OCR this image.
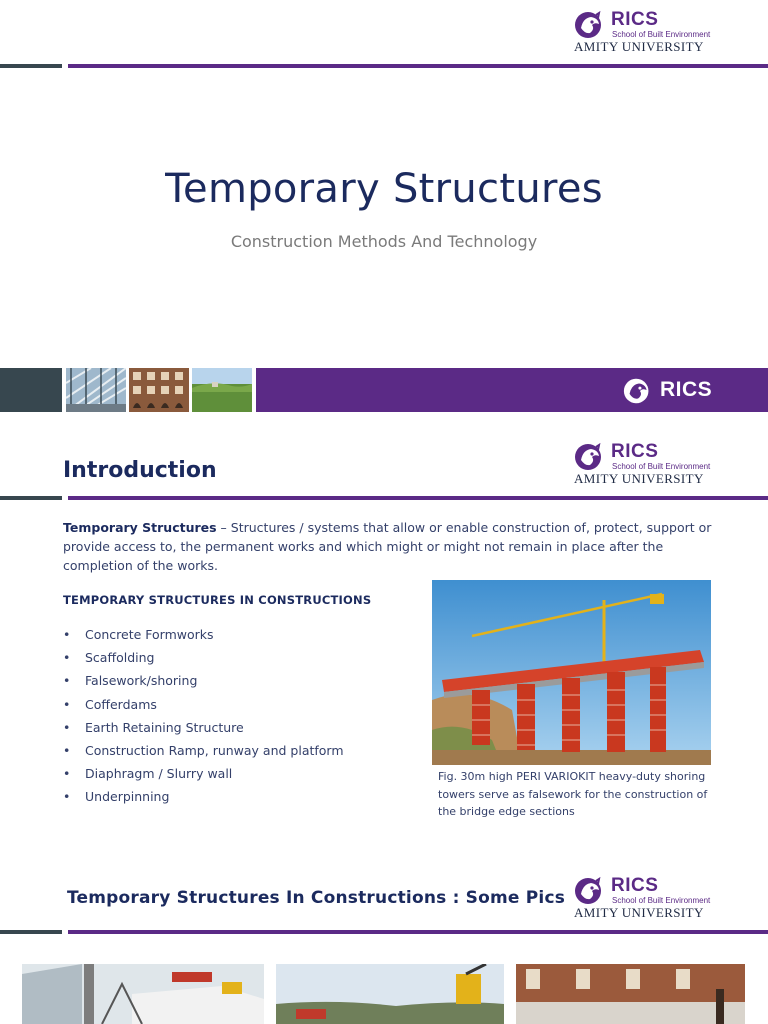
RICS
School of Built Environment
AMITY UNIVERSITY
Temporary Structures

Construction Methods And Technology

RICS
RICS
School of Built Environment
AMITY UNIVERSITY
Introduction

Temporary Structures – Structures / systems that allow or enable construction of, protect, support or provide access to, the permanent works and which might or might not remain in place after the completion of the works.

TEMPORARY STRUCTURES IN CONSTRUCTIONS
• Concrete Formworks
• Scaffolding
• Falsework/shoring
• Cofferdams
• Earth Retaining Structure
• Construction Ramp, runway and platform
• Diaphragm / Slurry wall
• Underpinning

Fig. 30m high PERI VARIOKIT heavy-duty shoring towers serve as falsework for the construction of the bridge edge sections

Temporary Structures In Constructions : Some Pics
RICS
School of Built Environment
AMITY UNIVERSITY
